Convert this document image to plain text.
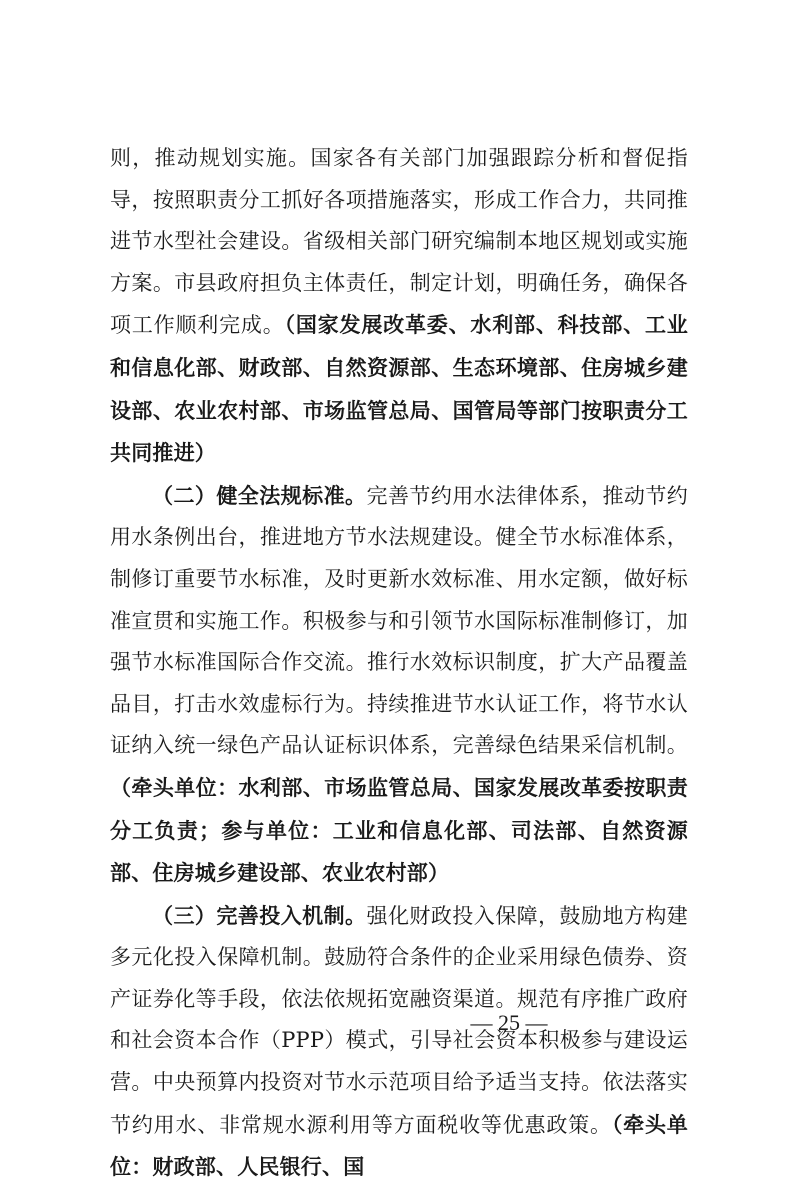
则，推动规划实施。国家各有关部门加强跟踪分析和督促指导，按照职责分工抓好各项措施落实，形成工作合力，共同推进节水型社会建设。省级相关部门研究编制本地区规划或实施方案。市县政府担负主体责任，制定计划，明确任务，确保各项工作顺利完成。（国家发展改革委、水利部、科技部、工业和信息化部、财政部、自然资源部、生态环境部、住房城乡建设部、农业农村部、市场监管总局、国管局等部门按职责分工共同推进）

（二）健全法规标准。完善节约用水法律体系，推动节约用水条例出台，推进地方节水法规建设。健全节水标准体系，制修订重要节水标准，及时更新水效标准、用水定额，做好标准宣贯和实施工作。积极参与和引领节水国际标准制修订，加强节水标准国际合作交流。推行水效标识制度，扩大产品覆盖品目，打击水效虚标行为。持续推进节水认证工作，将节水认证纳入统一绿色产品认证标识体系，完善绿色结果采信机制。（牵头单位：水利部、市场监管总局、国家发展改革委按职责分工负责；参与单位：工业和信息化部、司法部、自然资源部、住房城乡建设部、农业农村部）

（三）完善投入机制。强化财政投入保障，鼓励地方构建多元化投入保障机制。鼓励符合条件的企业采用绿色债券、资产证券化等手段，依法依规拓宽融资渠道。规范有序推广政府和社会资本合作（PPP）模式，引导社会资本积极参与建设运营。中央预算内投资对节水示范项目给予适当支持。依法落实节约用水、非常规水源利用等方面税收等优惠政策。（牵头单位：财政部、人民银行、国

— 25 —
